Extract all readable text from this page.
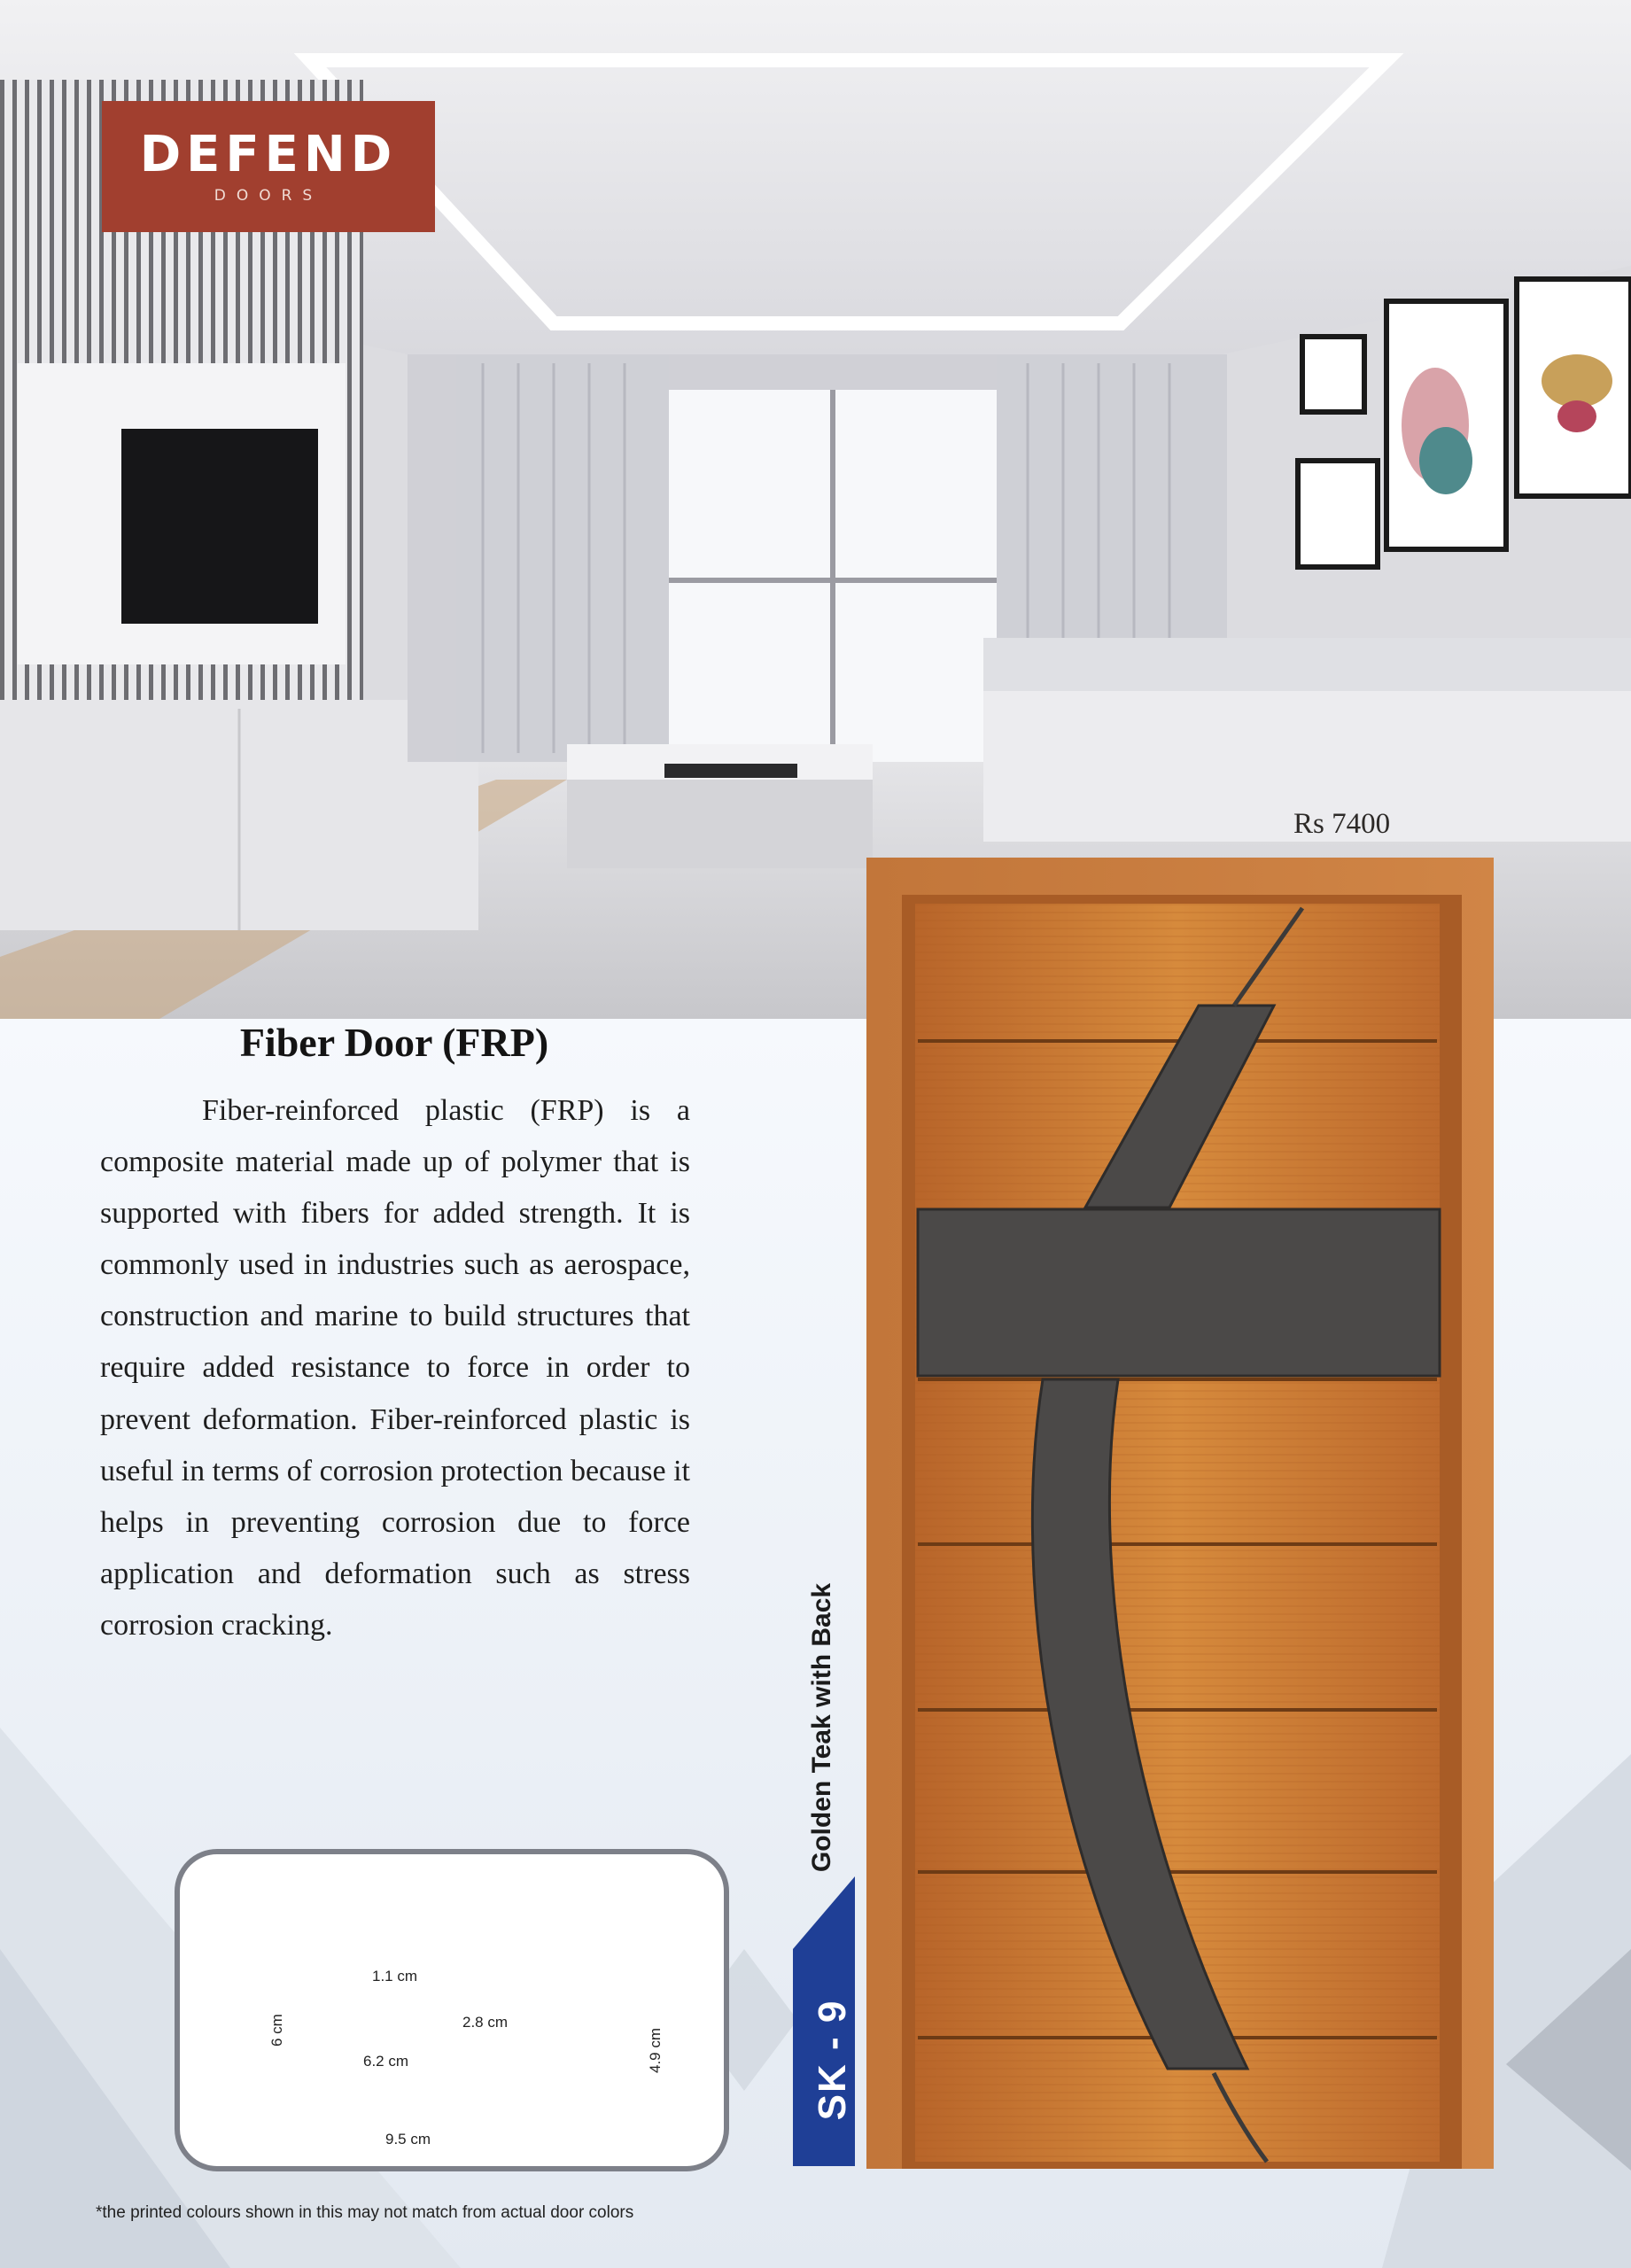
DEFEND
DOORS
Rs 7400
Fiber Door (FRP)

Fiber-reinforced plastic (FRP) is a composite material made up of polymer that is supported with fibers for added strength. It is commonly used in industries such as aerospace, construction and marine to build structures that require added resistance to force in order to prevent deformation. Fiber-reinforced plastic is useful in terms of corrosion protection because it helps in preventing corrosion due to force application and deformation such as stress corrosion cracking.

1.1 cm
2.8 cm
6.2 cm
6 cm	4.9 cm
9.5 cm
SK - 9
Golden Teak with Back
*the printed colours shown in this may not match from actual door colors
